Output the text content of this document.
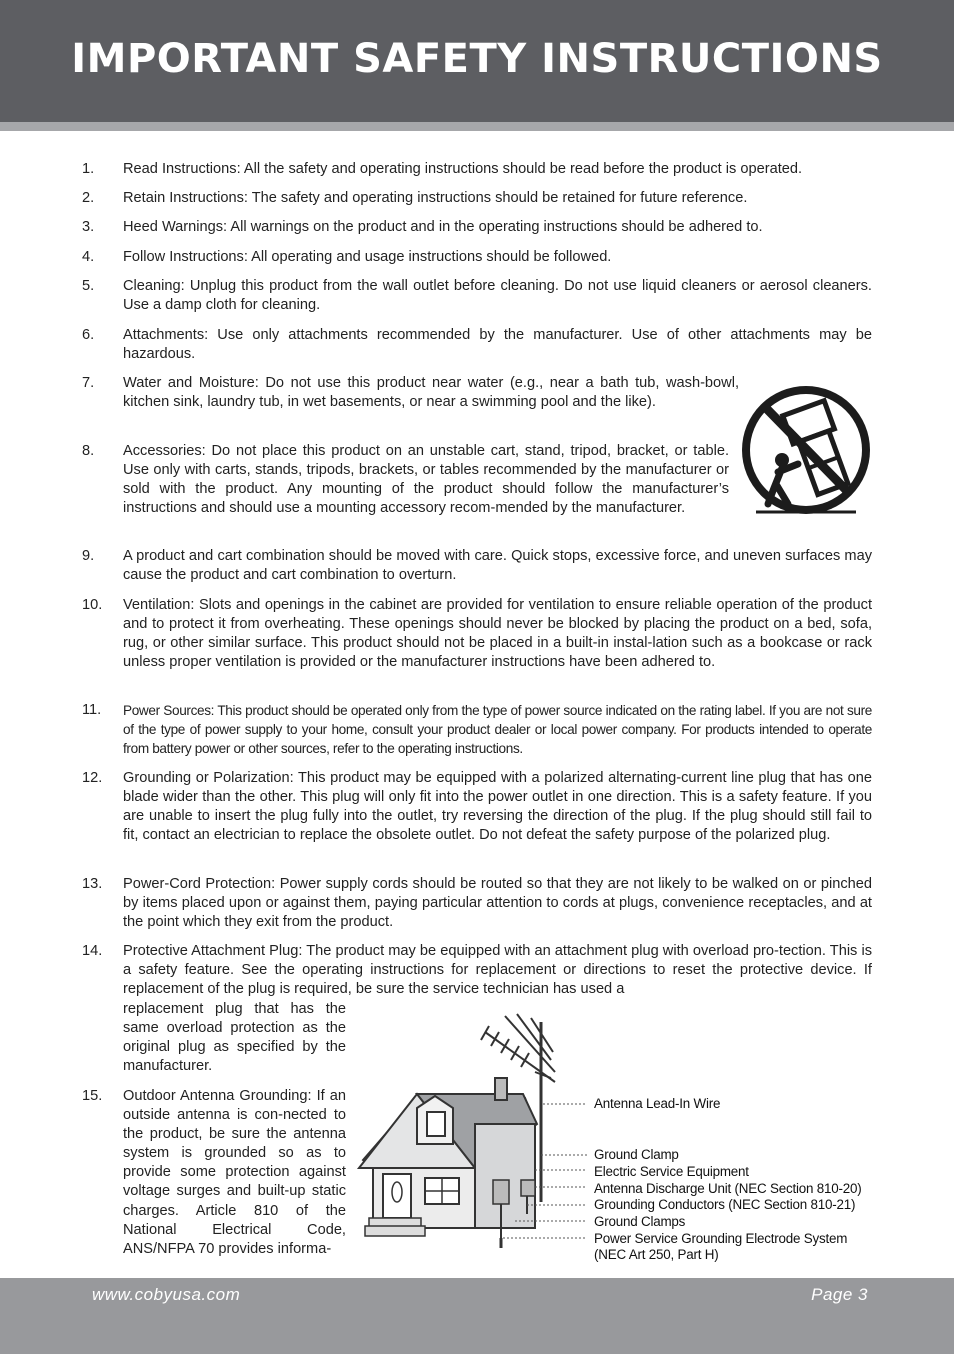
IMPORTANT SAFETY INSTRUCTIONS
1. Read Instructions: All the safety and operating instructions should be read before the product is operated.
2. Retain Instructions: The safety and operating instructions should be retained for future reference.
3. Heed Warnings: All warnings on the product and in the operating instructions should be adhered to.
4. Follow Instructions: All operating and usage instructions should be followed.
5. Cleaning: Unplug this product from the wall outlet before cleaning. Do not use liquid cleaners or aerosol cleaners. Use a damp cloth for cleaning.
6. Attachments: Use only attachments recommended by the manufacturer. Use of other attachments may be hazardous.
7. Water and Moisture: Do not use this product near water (e.g., near a bath tub, wash-bowl, kitchen sink, laundry tub, in wet basements, or near a swimming pool and the like).
8. Accessories: Do not place this product on an unstable cart, stand, tripod, bracket, or table. Use only with carts, stands, tripods, brackets, or tables recommended by the manufacturer or sold with the product. Any mounting of the product should follow the manufacturer’s instructions and should use a mounting accessory recom-mended by the manufacturer.
9. A product and cart combination should be moved with care. Quick stops, excessive force, and uneven surfaces may cause the product and cart combination to overturn.
10. Ventilation: Slots and openings in the cabinet are provided for ventilation to ensure reliable operation of the product and to protect it from overheating. These openings should never be blocked by placing the product on a bed, sofa, rug, or other similar surface. This product should not be placed in a built-in instal-lation such as a bookcase or rack unless proper ventilation is provided or the manufacturer instructions have been adhered to.
11. Power Sources: This product should be operated only from the type of power source indicated on the rating label. If you are not sure of the type of power supply to your home, consult your product dealer or local power company. For products intended to operate from battery power or other sources, refer to the operating instructions.
12. Grounding or Polarization: This product may be equipped with a polarized alternating-current line plug that has one blade wider than the other. This plug will only fit into the power outlet in one direction. This is a safety feature. If you are unable to insert the plug fully into the outlet, try reversing the direction of the plug. If the plug should still fail to fit, contact an electrician to replace the obsolete outlet. Do not defeat the safety purpose of the polarized plug.
13. Power-Cord Protection: Power supply cords should be routed so that they are not likely to be walked on or pinched by items placed upon or against them, paying particular attention to cords at plugs, convenience receptacles, and at the point which they exit from the product.
14. Protective Attachment Plug: The product may be equipped with an attachment plug with overload pro-tection. This is a safety feature. See the operating instructions for replacement or directions to reset the protective device. If replacement of the plug is required, be sure the service technician has used a
replacement plug that has the same overload protection as the original plug as specified by the manufacturer.
15. Outdoor Antenna Grounding: If an outside antenna is con-nected to the product, be sure the antenna system is grounded so as to provide some protection against voltage surges and built-up static charges. Article 810 of the National Electrical Code, ANS/NFPA 70 provides informa-
Antenna Lead-In Wire
Ground Clamp
Electric Service Equipment
Antenna Discharge Unit (NEC Section 810-20)
Grounding Conductors (NEC Section 810-21)
Ground Clamps
Power Service Grounding Electrode System
(NEC Art 250, Part H)
www.cobyusa.com	Page 3
